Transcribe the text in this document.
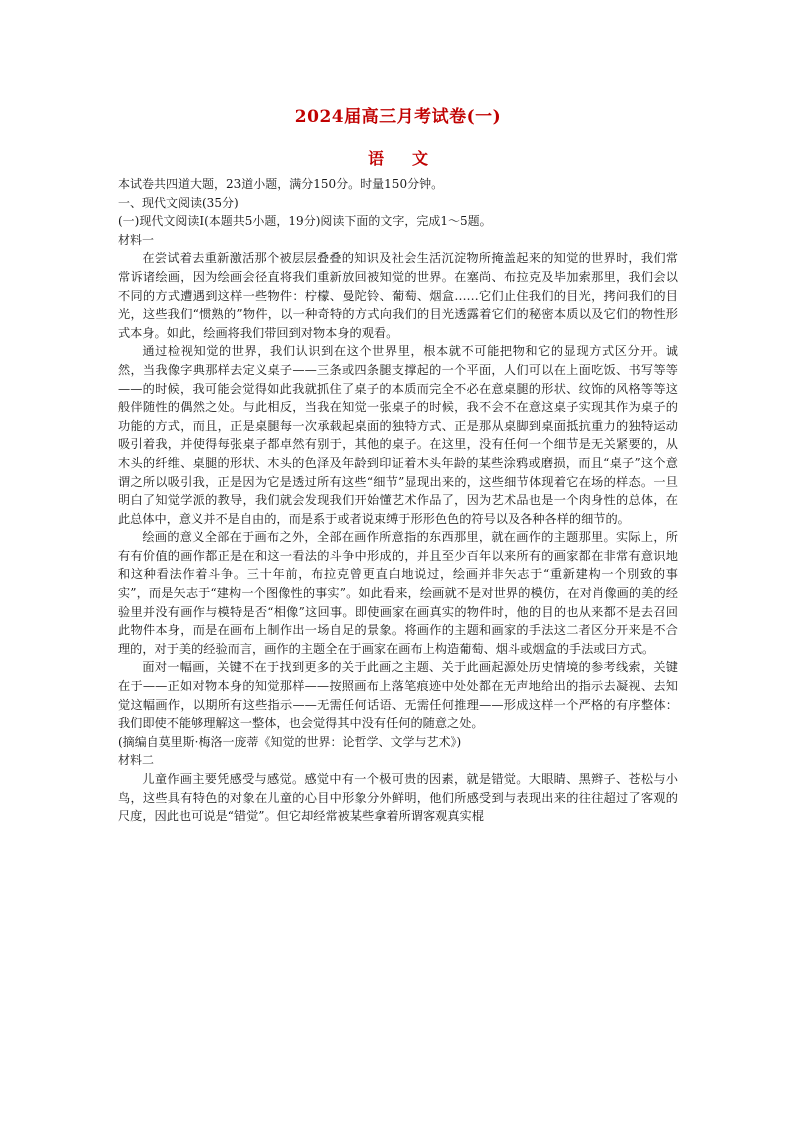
2024届高三月考试卷(一)
语 文

本试卷共四道大题，23道小题，满分150分。时量150分钟。

一、现代文阅读(35分)

(一)现代文阅读Ⅰ(本题共5小题，19分)阅读下面的文字，完成1～5题。

材料一

在尝试着去重新激活那个被层层叠叠的知识及社会生活沉淀物所掩盖起来的知觉的世界时，我们常常诉诸绘画，因为绘画会径直将我们重新放回被知觉的世界。在塞尚、布拉克及毕加索那里，我们会以不同的方式遭遇到这样一些物件：柠檬、曼陀铃、葡萄、烟盒……它们止住我们的目光，拷问我们的目光，这些我们“惯熟的”物件，以一种奇特的方式向我们的目光透露着它们的秘密本质以及它们的物性形式本身。如此，绘画将我们带回到对物本身的观看。

通过检视知觉的世界，我们认识到在这个世界里，根本就不可能把物和它的显现方式区分开。诚然，当我像字典那样去定义桌子——三条或四条腿支撑起的一个平面，人们可以在上面吃饭、书写等等——的时候，我可能会觉得如此我就抓住了桌子的本质而完全不必在意桌腿的形状、纹饰的风格等等这般伴随性的偶然之处。与此相反，当我在知觉一张桌子的时候，我不会不在意这桌子实现其作为桌子的功能的方式，而且，正是桌腿每一次承载起桌面的独特方式、正是那从桌脚到桌面抵抗重力的独特运动吸引着我，并使得每张桌子都卓然有别于，其他的桌子。在这里，没有任何一个细节是无关紧要的，从木头的纤维、桌腿的形状、木头的色泽及年龄到印证着木头年龄的某些涂鸦或磨损，而且“桌子”这个意谓之所以吸引我，正是因为它是透过所有这些“细节”显现出来的，这些细节体现着它在场的样态。一旦明白了知觉学派的教导，我们就会发现我们开始懂艺术作品了，因为艺术品也是一个肉身性的总体，在此总体中，意义并不是自由的，而是系于或者说束缚于形形色色的符号以及各种各样的细节的。

绘画的意义全部在于画布之外，全部在画作所意指的东西那里，就在画作的主题那里。实际上，所有有价值的画作都正是在和这一看法的斗争中形成的，并且至少百年以来所有的画家都在非常有意识地和这种看法作着斗争。三十年前，布拉克曾更直白地说过，绘画并非矢志于“重新建构一个別致的事实”，而是矢志于“建构一个图像性的事实”。如此看来，绘画就不是对世界的模仿，在对肖像画的美的经验里并没有画作与模特是否“相像”这回事。即使画家在画真实的物件时，他的目的也从来都不是去召回此物件本身，而是在画布上制作出一场自足的景象。将画作的主题和画家的手法这二者区分开来是不合理的，对于美的经验而言，画作的主题全在于画家在画布上构造葡萄、烟斗或烟盒的手法或曰方式。

面对一幅画，关键不在于找到更多的关于此画之主题、关于此画起源处历史情境的参考线索，关键在于——正如对物本身的知觉那样——按照画布上落笔痕迹中处处都在无声地给出的指示去凝视、去知觉这幅画作，以期所有这些指示——无需任何话语、无需任何推理——形成这样一个严格的有序整体：我们即使不能够理解这一整体，也会觉得其中没有任何的随意之处。

(摘编自莫里斯·梅洛一庞蒂《知觉的世界：论哲学、文学与艺术》)

材料二

儿童作画主要凭感受与感觉。感觉中有一个极可贵的因素，就是错觉。大眼睛、黑辫子、苍松与小鸟，这些具有特色的对象在儿童的心目中形象分外鲜明，他们所感受到与表现出来的往往超过了客观的尺度，因此也可说是“错觉”。但它却经常被某些拿着所谓客观真实棍
